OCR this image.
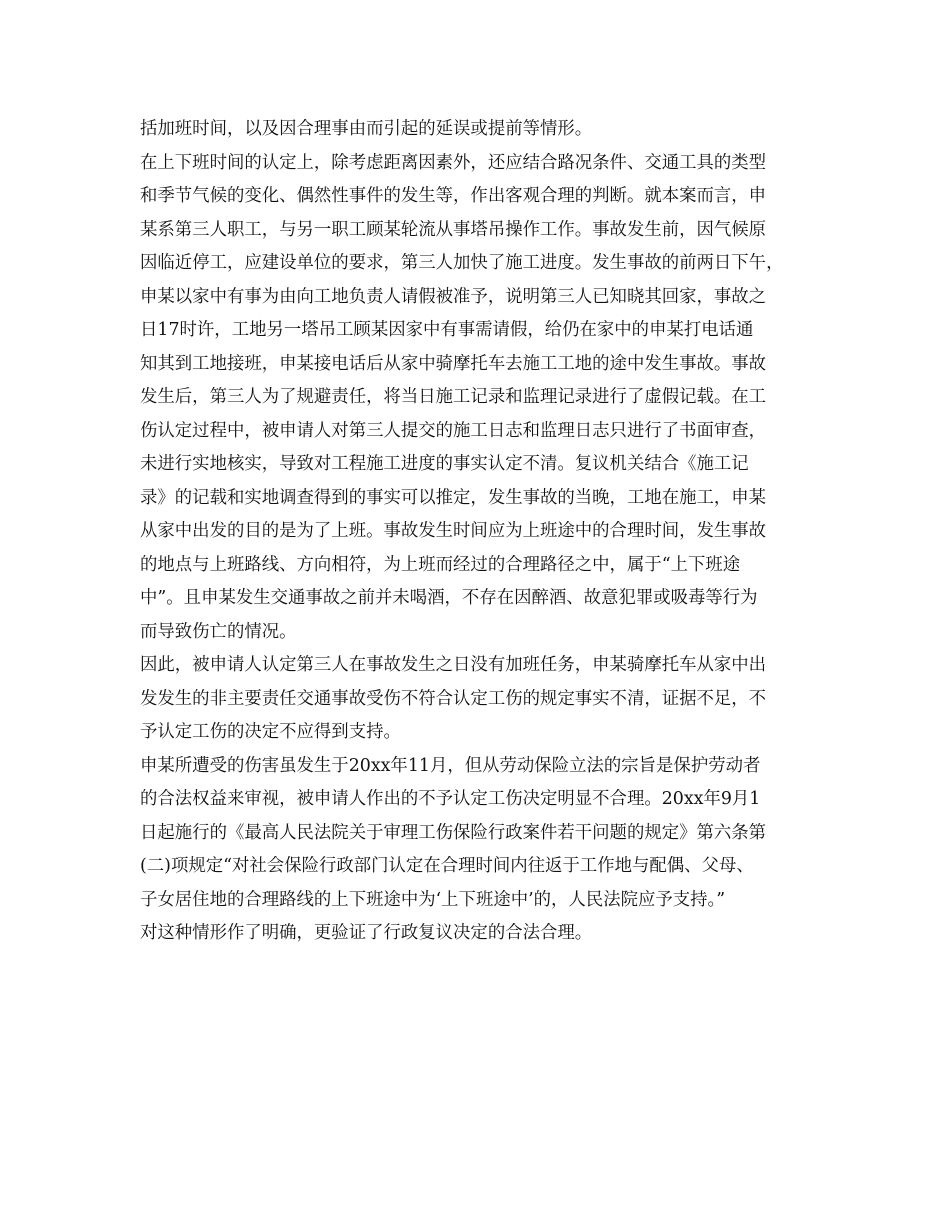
括加班时间，以及因合理事由而引起的延误或提前等情形。
在上下班时间的认定上，除考虑距离因素外，还应结合路况条件、交通工具的类型
和季节气候的变化、偶然性事件的发生等，作出客观合理的判断。就本案而言，申
某系第三人职工，与另一职工顾某轮流从事塔吊操作工作。事故发生前，因气候原
因临近停工，应建设单位的要求，第三人加快了施工进度。发生事故的前两日下午，
申某以家中有事为由向工地负责人请假被准予，说明第三人已知晓其回家，事故之
日17时许，工地另一塔吊工顾某因家中有事需请假，给仍在家中的申某打电话通
知其到工地接班，申某接电话后从家中骑摩托车去施工工地的途中发生事故。事故
发生后，第三人为了规避责任，将当日施工记录和监理记录进行了虚假记载。在工
伤认定过程中，被申请人对第三人提交的施工日志和监理日志只进行了书面审查，
未进行实地核实，导致对工程施工进度的事实认定不清。复议机关结合《施工记
录》的记载和实地调查得到的事实可以推定，发生事故的当晚，工地在施工，申某
从家中出发的目的是为了上班。事故发生时间应为上班途中的合理时间，发生事故
的地点与上班路线、方向相符，为上班而经过的合理路径之中，属于“上下班途
中”。且申某发生交通事故之前并未喝酒，不存在因醉酒、故意犯罪或吸毒等行为
而导致伤亡的情况。
因此，被申请人认定第三人在事故发生之日没有加班任务，申某骑摩托车从家中出
发发生的非主要责任交通事故受伤不符合认定工伤的规定事实不清，证据不足，不
予认定工伤的决定不应得到支持。
申某所遭受的伤害虽发生于20xx年11月，但从劳动保险立法的宗旨是保护劳动者
的合法权益来审视，被申请人作出的不予认定工伤决定明显不合理。20xx年9月1
日起施行的《最高人民法院关于审理工伤保险行政案件若干问题的规定》第六条第
(二)项规定“对社会保险行政部门认定在合理时间内往返于工作地与配偶、父母、
子女居住地的合理路线的上下班途中为‘上下班途中’的，人民法院应予支持。”
对这种情形作了明确，更验证了行政复议决定的合法合理。
